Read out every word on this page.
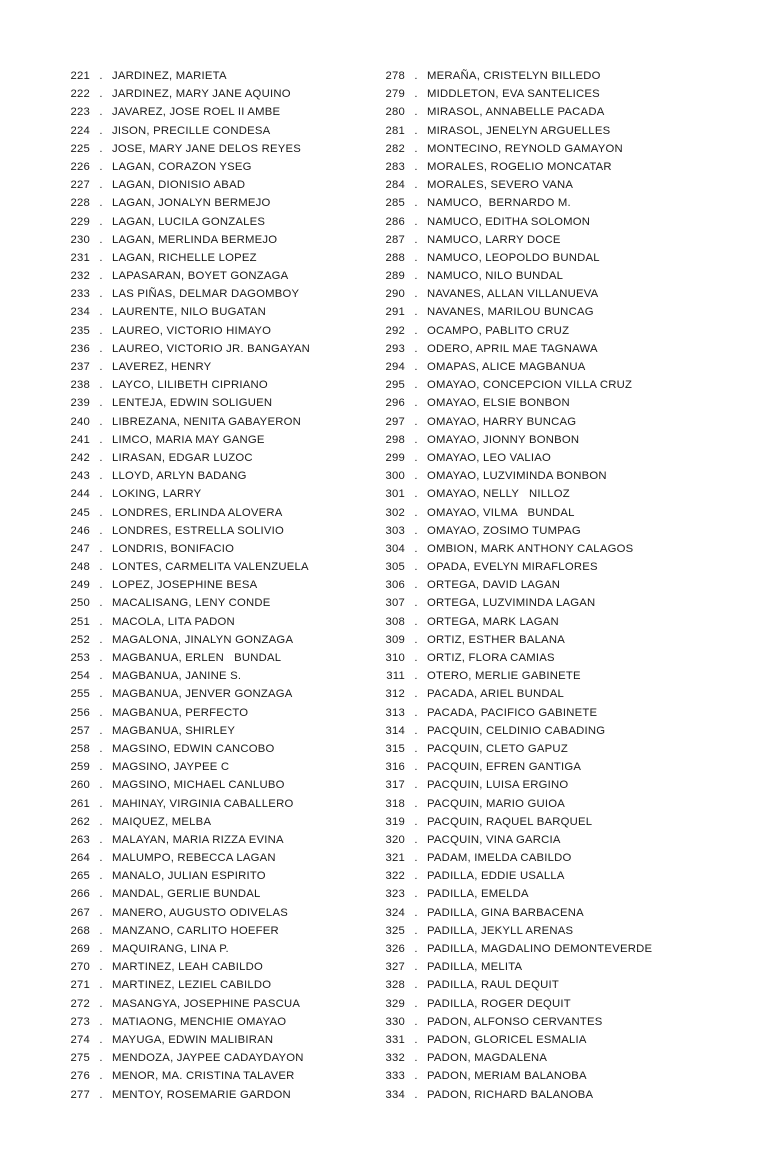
221 . JARDINEZ, MARIETA
222 . JARDINEZ, MARY JANE AQUINO
223 . JAVAREZ, JOSE ROEL II AMBE
224 . JISON, PRECILLE CONDESA
225 . JOSE, MARY JANE DELOS REYES
226 . LAGAN, CORAZON YSEG
227 . LAGAN, DIONISIO ABAD
228 . LAGAN, JONALYN BERMEJO
229 . LAGAN, LUCILA GONZALES
230 . LAGAN, MERLINDA BERMEJO
231 . LAGAN, RICHELLE LOPEZ
232 . LAPASARAN, BOYET GONZAGA
233 . LAS PIÑAS, DELMAR DAGOMBOY
234 . LAURENTE, NILO BUGATAN
235 . LAUREO, VICTORIO HIMAYO
236 . LAUREO, VICTORIO JR. BANGAYAN
237 . LAVEREZ, HENRY
238 . LAYCO, LILIBETH CIPRIANO
239 . LENTEJA, EDWIN SOLIGUEN
240 . LIBREZANA, NENITA GABAYERON
241 . LIMCO, MARIA MAY GANGE
242 . LIRASAN, EDGAR LUZOC
243 . LLOYD, ARLYN BADANG
244 . LOKING, LARRY
245 . LONDRES, ERLINDA ALOVERA
246 . LONDRES, ESTRELLA SOLIVIO
247 . LONDRIS, BONIFACIO
248 . LONTES, CARMELITA VALENZUELA
249 . LOPEZ, JOSEPHINE BESA
250 . MACALISANG, LENY CONDE
251 . MACOLA, LITA PADON
252 . MAGALONA, JINALYN GONZAGA
253 . MAGBANUA, ERLEN   BUNDAL
254 . MAGBANUA, JANINE S.
255 . MAGBANUA, JENVER GONZAGA
256 . MAGBANUA, PERFECTO
257 . MAGBANUA, SHIRLEY
258 . MAGSINO, EDWIN CANCOBO
259 . MAGSINO, JAYPEE C
260 . MAGSINO, MICHAEL CANLUBO
261 . MAHINAY, VIRGINIA CABALLERO
262 . MAIQUEZ, MELBA
263 . MALAYAN, MARIA RIZZA EVINA
264 . MALUMPO, REBECCA LAGAN
265 . MANALO, JULIAN ESPIRITO
266 . MANDAL, GERLIE BUNDAL
267 . MANERO, AUGUSTO ODIVELAS
268 . MANZANO, CARLITO HOEFER
269 . MAQUIRANG, LINA P.
270 . MARTINEZ, LEAH CABILDO
271 . MARTINEZ, LEZIEL CABILDO
272 . MASANGYA, JOSEPHINE PASCUA
273 . MATIAONG, MENCHIE OMAYAO
274 . MAYUGA, EDWIN MALIBIRAN
275 . MENDOZA, JAYPEE CADAYDAYON
276 . MENOR, MA. CRISTINA TALAVER
277 . MENTOY, ROSEMARIE GARDON
278 . MERAÑA, CRISTELYN BILLEDO
279 . MIDDLETON, EVA SANTELICES
280 . MIRASOL, ANNABELLE PACADA
281 . MIRASOL, JENELYN ARGUELLES
282 . MONTECINO, REYNOLD GAMAYON
283 . MORALES, ROGELIO MONCATAR
284 . MORALES, SEVERO VANA
285 . NAMUCO,  BERNARDO M.
286 . NAMUCO, EDITHA SOLOMON
287 . NAMUCO, LARRY DOCE
288 . NAMUCO, LEOPOLDO BUNDAL
289 . NAMUCO, NILO BUNDAL
290 . NAVANES, ALLAN VILLANUEVA
291 . NAVANES, MARILOU BUNCAG
292 . OCAMPO, PABLITO CRUZ
293 . ODERO, APRIL MAE TAGNAWA
294 . OMAPAS, ALICE MAGBANUA
295 . OMAYAO, CONCEPCION VILLA CRUZ
296 . OMAYAO, ELSIE BONBON
297 . OMAYAO, HARRY BUNCAG
298 . OMAYAO, JIONNY BONBON
299 . OMAYAO, LEO VALIAO
300 . OMAYAO, LUZVIMINDA BONBON
301 . OMAYAO, NELLY   NILLOZ
302 . OMAYAO, VILMA   BUNDAL
303 . OMAYAO, ZOSIMO TUMPAG
304 . OMBION, MARK ANTHONY CALAGOS
305 . OPADA, EVELYN MIRAFLORES
306 . ORTEGA, DAVID LAGAN
307 . ORTEGA, LUZVIMINDA LAGAN
308 . ORTEGA, MARK LAGAN
309 . ORTIZ, ESTHER BALANA
310 . ORTIZ, FLORA CAMIAS
311 . OTERO, MERLIE GABINETE
312 . PACADA, ARIEL BUNDAL
313 . PACADA, PACIFICO GABINETE
314 . PACQUIN, CELDINIO CABADING
315 . PACQUIN, CLETO GAPUZ
316 . PACQUIN, EFREN GANTIGA
317 . PACQUIN, LUISA ERGINO
318 . PACQUIN, MARIO GUIOA
319 . PACQUIN, RAQUEL BARQUEL
320 . PACQUIN, VINA GARCIA
321 . PADAM, IMELDA CABILDO
322 . PADILLA, EDDIE USALLA
323 . PADILLA, EMELDA
324 . PADILLA, GINA BARBACENA
325 . PADILLA, JEKYLL ARENAS
326 . PADILLA, MAGDALINO DEMONTEVERDE
327 . PADILLA, MELITA
328 . PADILLA, RAUL DEQUIT
329 . PADILLA, ROGER DEQUIT
330 . PADON, ALFONSO CERVANTES
331 . PADON, GLORICEL ESMALIA
332 . PADON, MAGDALENA
333 . PADON, MERIAM BALANOBA
334 . PADON, RICHARD BALANOBA
